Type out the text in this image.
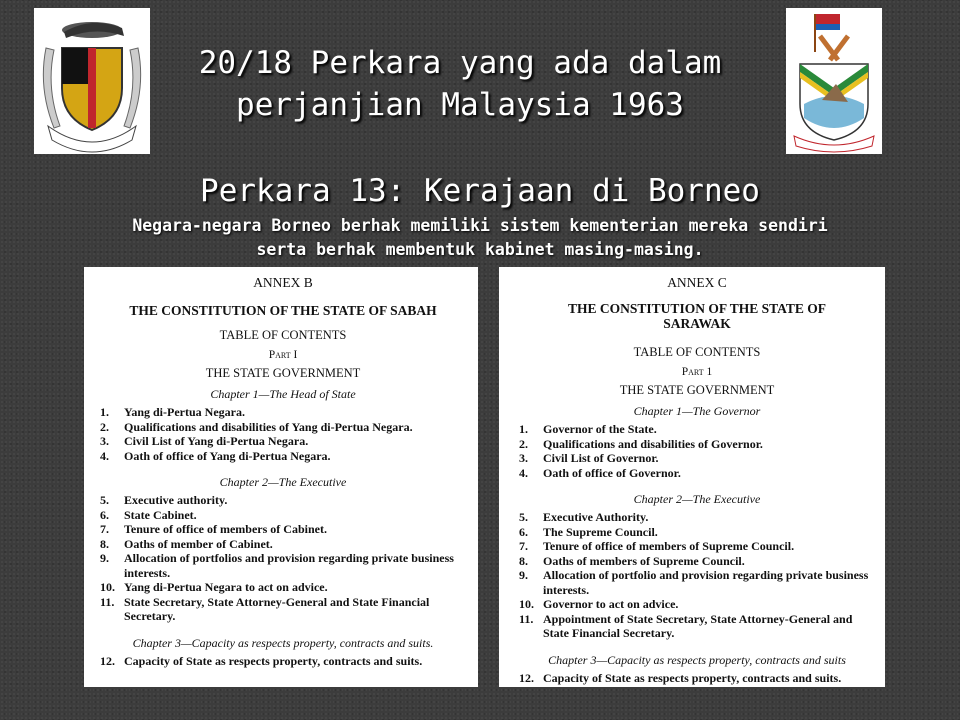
20/18 Perkara yang ada dalam
perjanjian Malaysia 1963
Perkara 13: Kerajaan di Borneo
Negara-negara Borneo berhak memiliki sistem kementerian mereka sendiri
serta berhak membentuk kabinet masing-masing.
ANNEX B
THE CONSTITUTION OF THE STATE OF SABAH
TABLE OF CONTENTS
Part I
THE STATE GOVERNMENT
Chapter 1—The Head of State
1.	Yang di-Pertua Negara.
2.	Qualifications and disabilities of Yang di-Pertua Negara.
3.	Civil List of Yang di-Pertua Negara.
4.	Oath of office of Yang di-Pertua Negara.
Chapter 2—The Executive
5.	Executive authority.
6.	State Cabinet.
7.	Tenure of office of members of Cabinet.
8.	Oaths of member of Cabinet.
9.	Allocation of portfolios and provision regarding private business interests.
10. Yang di-Pertua Negara to act on advice.
11. State Secretary, State Attorney-General and State Financial Secretary.
Chapter 3—Capacity as respects property, contracts and suits.
12. Capacity of State as respects property, contracts and suits.
ANNEX C
THE CONSTITUTION OF THE STATE OF
SARAWAK
TABLE OF CONTENTS
Part 1
THE STATE GOVERNMENT
Chapter 1—The Governor
1.	Governor of the State.
2.	Qualifications and disabilities of Governor.
3.	Civil List of Governor.
4.	Oath of office of Governor.
Chapter 2—The Executive
5.	Executive Authority.
6.	The Supreme Council.
7.	Tenure of office of members of Supreme Council.
8.	Oaths of members of Supreme Council.
9.	Allocation of portfolio and provision regarding private business interests.
10. Governor to act on advice.
11. Appointment of State Secretary, State Attorney-General and State Financial Secretary.
Chapter 3—Capacity as respects property, contracts and suits
12. Capacity of State as respects property, contracts and suits.
